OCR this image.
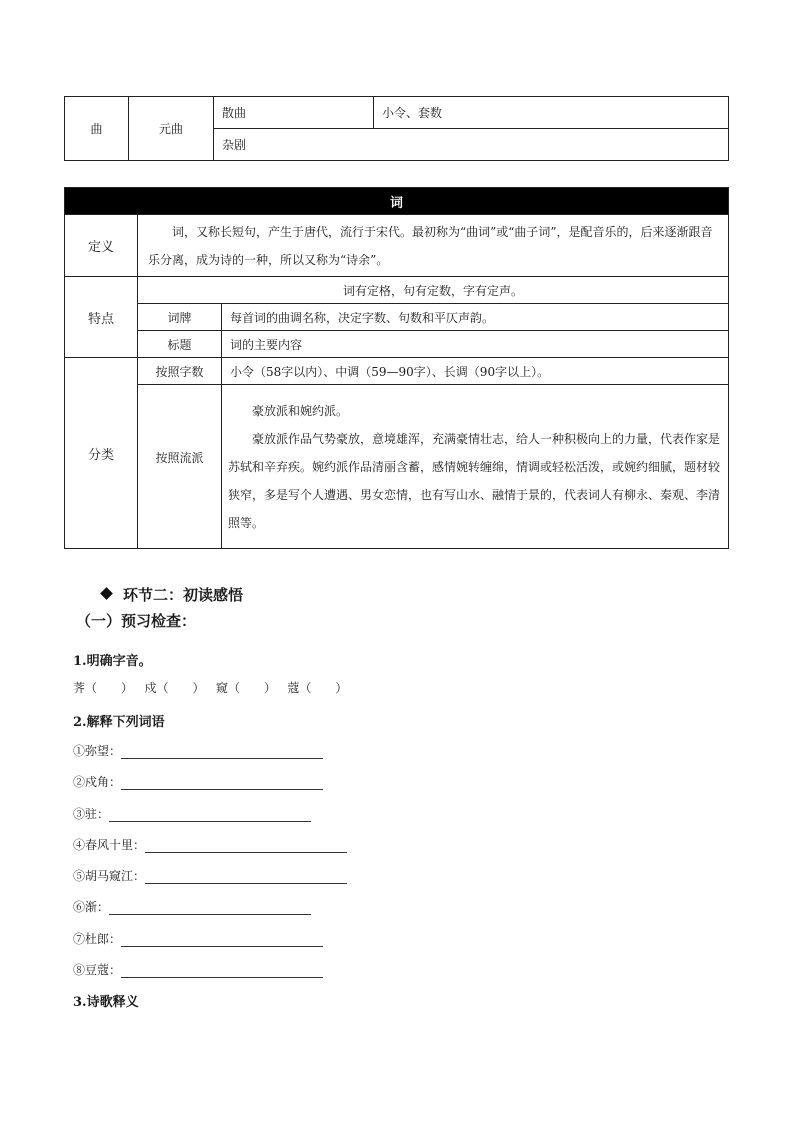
曲	元曲	散曲	小令、套数
杂剧
词		
定义	词，又称长短句，产生于唐代，流行于宋代。最初称为“曲词”或“曲子词”，是配音乐的，后来逐渐跟音乐分离，成为诗的一种，所以又称为“诗余”。	
特点	词有定格，句有定数，字有定声。	
	词牌	每首词的曲调名称，决定字数、句数和平仄声韵。
	标题	词的主要内容
分类	按照字数	小令（58字以内）、中调（59—90字）、长调（90字以上）。
	按照流派	豪放派和婉约派。

豪放派作品气势豪放，意境雄浑，充满豪情壮志，给人一种积极向上的力量，代表作家是苏轼和辛弃疾。婉约派作品清丽含蓄，感情婉转缠绵，情调或轻松活泼，或婉约细腻，题材较狭窄，多是写个人遭遇、男女恋情，也有写山水、融情于景的，代表词人有柳永、秦观、李清照等。

环节二：初读感悟
（一）预习检查：
1.明确字音。
荠（　　） 戍（　　） 窥（　　） 蔻（　　）
2.解释下列词语
①弥望：
②戍角：
③驻：
④春风十里：
⑤胡马窥江：
⑥渐：
⑦杜郎：
⑧豆蔻：
3.诗歌释义
